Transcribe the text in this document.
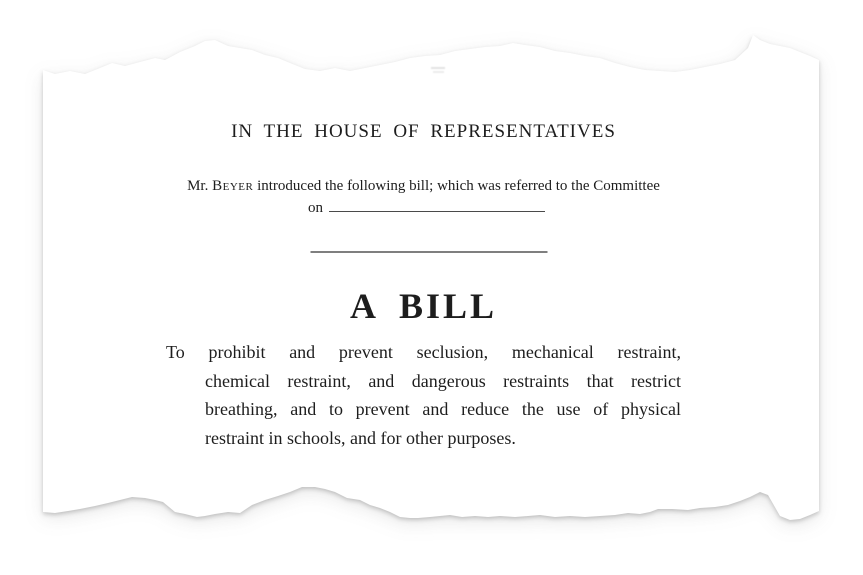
IN THE HOUSE OF REPRESENTATIVES
Mr. Beyer introduced the following bill; which was referred to the Committee
on
A BILL
To prohibit and prevent seclusion, mechanical restraint,
chemical restraint, and dangerous restraints that restrict
breathing, and to prevent and reduce the use of physical
restraint in schools, and for other purposes.
